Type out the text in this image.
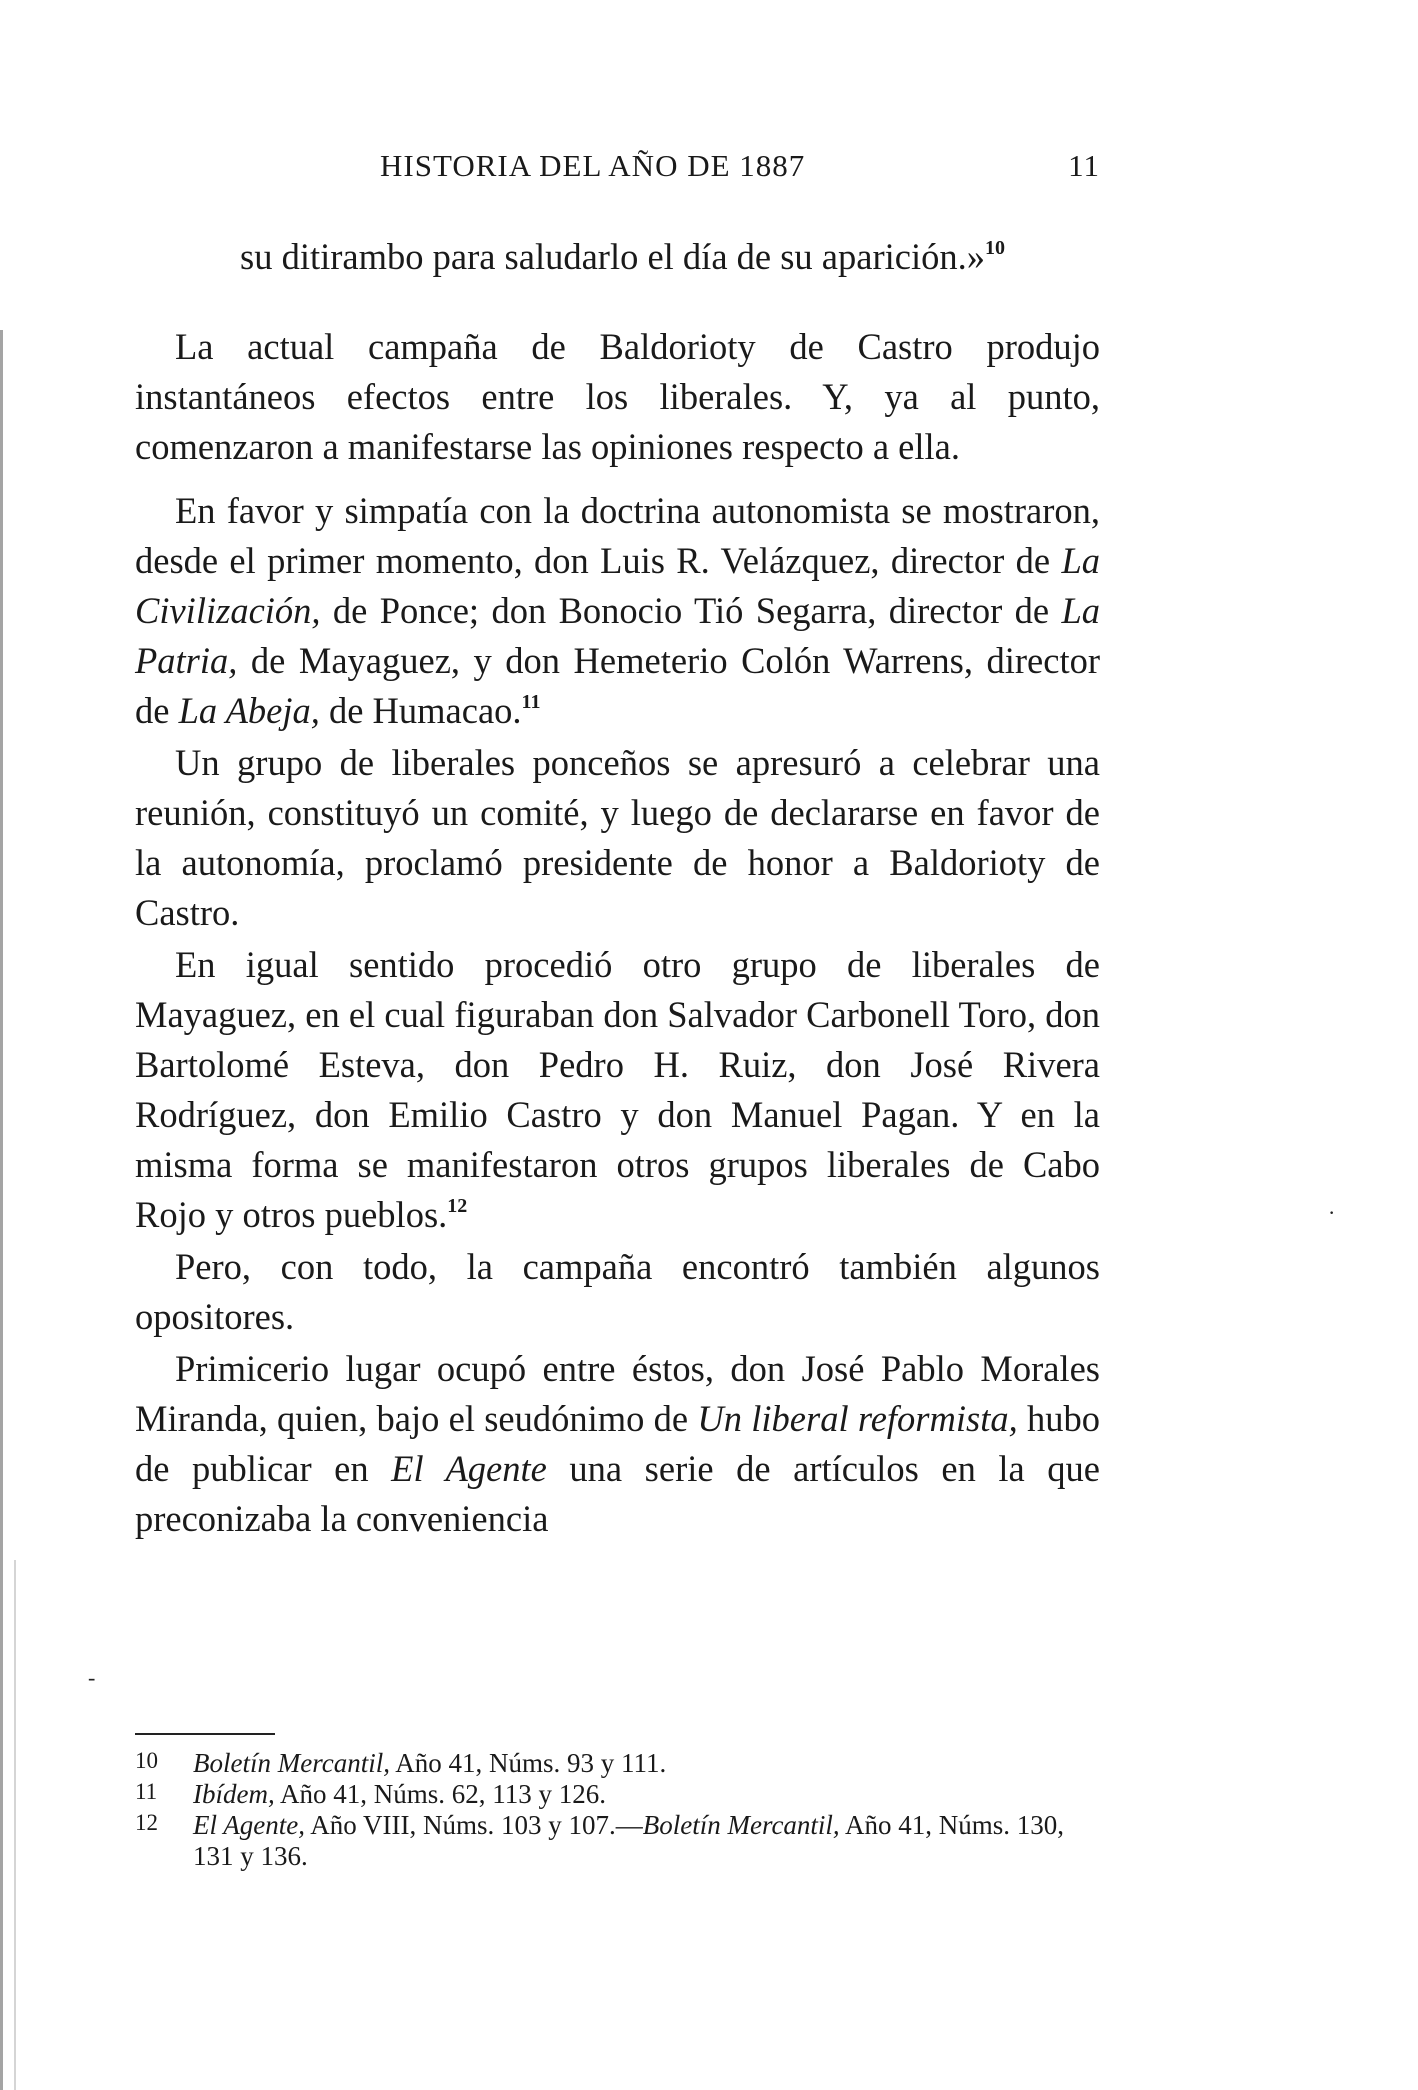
HISTORIA DEL AÑO DE 1887	11

su ditirambo para saludarlo el día de su aparición.»$^{10}$

La actual campaña de Baldorioty de Castro produjo instantáneos efectos entre los liberales. Y, ya al punto, comenzaron a manifestarse las opiniones respecto a ella.

En favor y simpatía con la doctrina autonomista se mostraron, desde el primer momento, don Luis R. Velázquez, director de La Civilización, de Ponce; don Bonocio Tió Segarra, director de La Patria, de Mayaguez, y don Hemeterio Colón Warrens, director de La Abeja, de Humacao.$^{11}$

Un grupo de liberales ponceños se apresuró a celebrar una reunión, constituyó un comité, y luego de declararse en favor de la autonomía, proclamó presidente de honor a Baldorioty de Castro.

En igual sentido procedió otro grupo de liberales de Mayaguez, en el cual figuraban don Salvador Carbonell Toro, don Bartolomé Esteva, don Pedro H. Ruiz, don José Rivera Rodríguez, don Emilio Castro y don Manuel Pagan. Y en la misma forma se manifestaron otros grupos liberales de Cabo Rojo y otros pueblos.$^{12}$

Pero, con todo, la campaña encontró también algunos opositores.

Primicerio lugar ocupó entre éstos, don José Pablo Morales Miranda, quien, bajo el seudónimo de Un liberal reformista, hubo de publicar en El Agente una serie de artículos en la que preconizaba la conveniencia

10 Boletín Mercantil, Año 41, Núms. 93 y 111.
11 Ibídem, Año 41, Núms. 62, 113 y 126.
12 El Agente, Año VIII, Núms. 103 y 107.—Boletín Mercantil, Año 41, Núms. 130, 131 y 136.
·
-
